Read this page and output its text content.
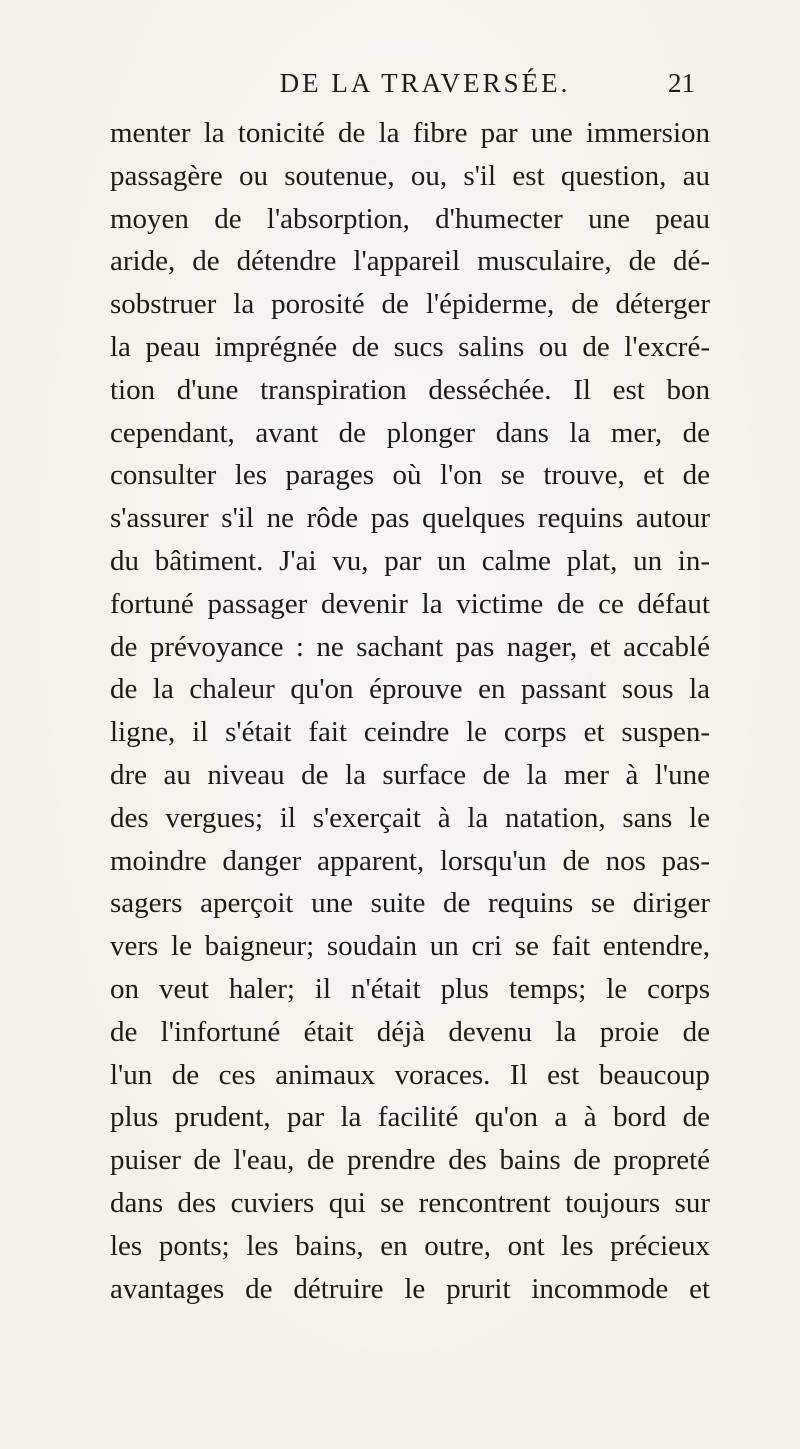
DE LA TRAVERSÉE.	21
menter la tonicité de la fibre par une immersion
passagère ou soutenue, ou, s'il est question, au
moyen de l'absorption, d'humecter une peau
aride, de détendre l'appareil musculaire, de dé-
sobstruer la porosité de l'épiderme, de déterger
la peau imprégnée de sucs salins ou de l'excré-
tion d'une transpiration desséchée. Il est bon
cependant, avant de plonger dans la mer, de
consulter les parages où l'on se trouve, et de
s'assurer s'il ne rôde pas quelques requins autour
du bâtiment. J'ai vu, par un calme plat, un in-
fortuné passager devenir la victime de ce défaut
de prévoyance : ne sachant pas nager, et accablé
de la chaleur qu'on éprouve en passant sous la
ligne, il s'était fait ceindre le corps et suspen-
dre au niveau de la surface de la mer à l'une
des vergues; il s'exerçait à la natation, sans le
moindre danger apparent, lorsqu'un de nos pas-
sagers aperçoit une suite de requins se diriger
vers le baigneur; soudain un cri se fait entendre,
on veut haler; il n'était plus temps; le corps
de l'infortuné était déjà devenu la proie de
l'un de ces animaux voraces. Il est beaucoup
plus prudent, par la facilité qu'on a à bord de
puiser de l'eau, de prendre des bains de propreté
dans des cuviers qui se rencontrent toujours sur
les ponts; les bains, en outre, ont les précieux
avantages de détruire le prurit incommode et
